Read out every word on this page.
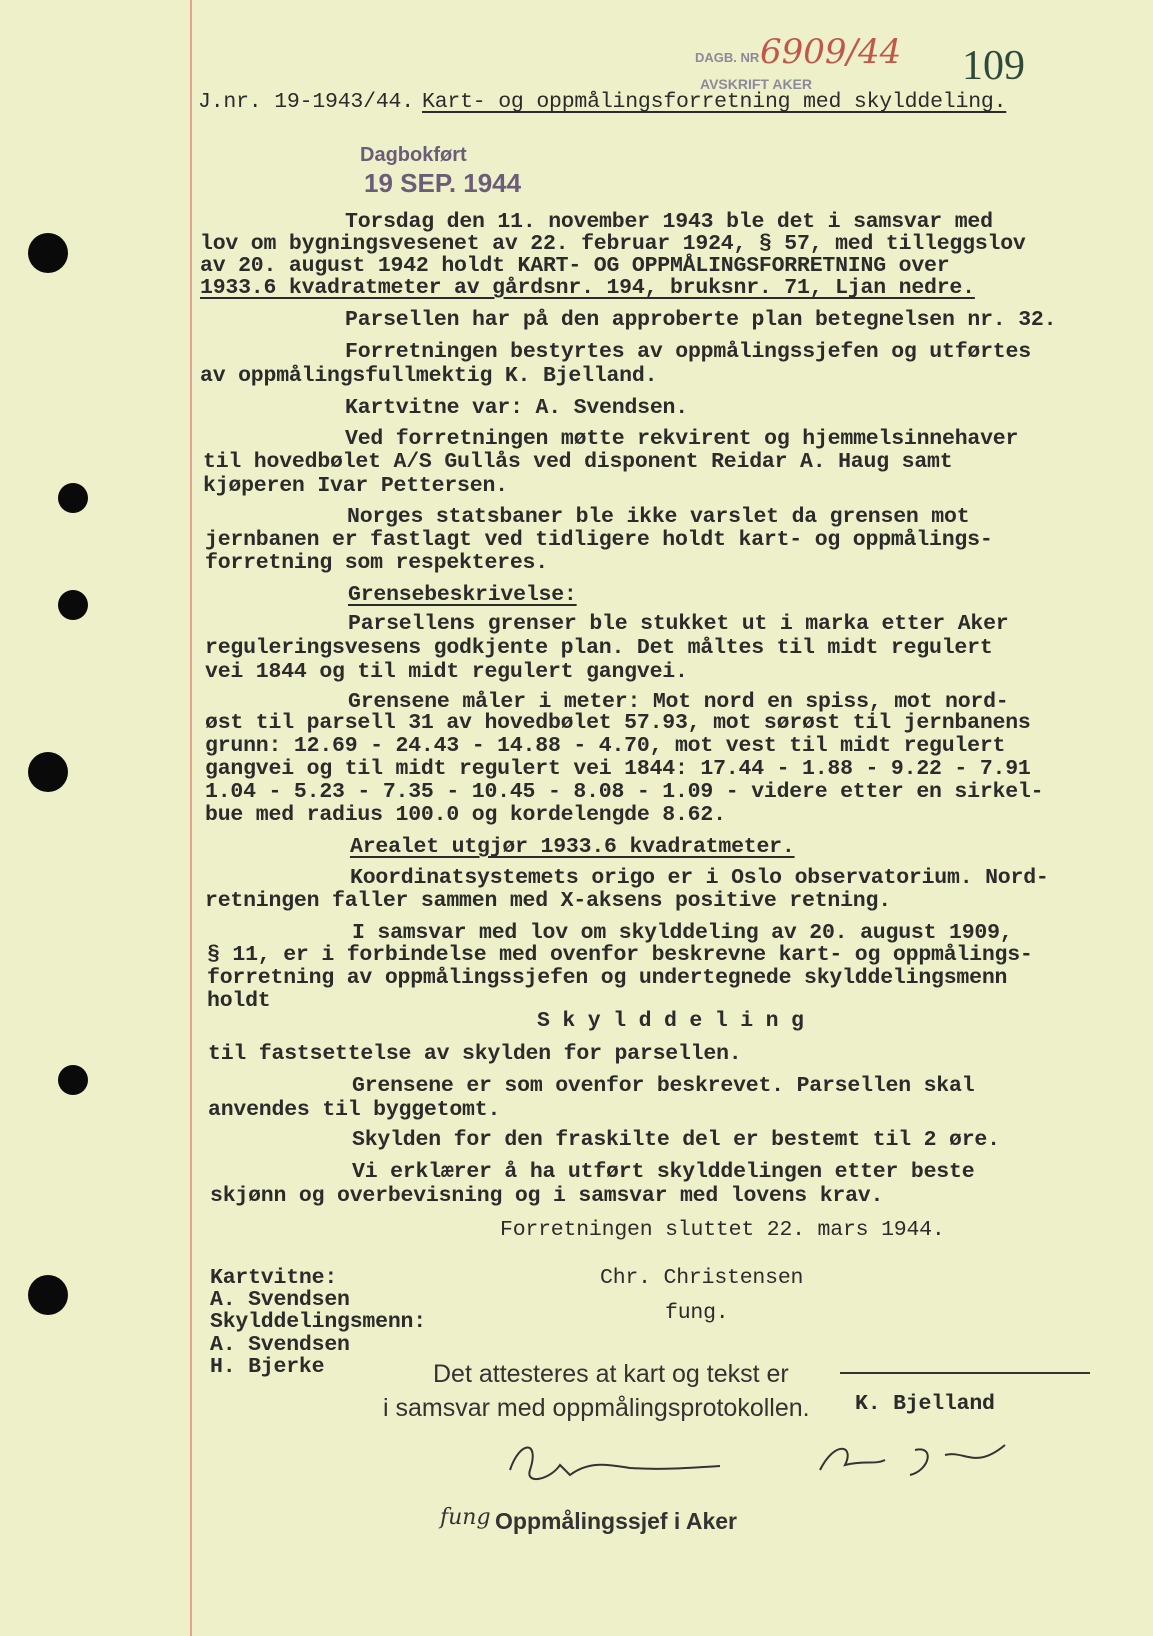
DAGB. NR 6909/44
AVSKRIFT AKER	109
J.nr. 19-1943/44. Kart- og oppmålingsforretning med skylddeling.
Dagbokført
19 SEP. 1944
Torsdag den 11. november 1943 ble det i samsvar med
lov om bygningsvesenet av 22. februar 1924, § 57, med tilleggslov
av 20. august 1942 holdt KART- OG OPPMÅLINGSFORRETNING over
1933.6 kvadratmeter av gårdsnr. 194, bruksnr. 71, Ljan nedre.
Parsellen har på den approberte plan betegnelsen nr. 32.
Forretningen bestyrtes av oppmålingssjefen og utførtes
av oppmålingsfullmektig K. Bjelland.
Kartvitne var: A. Svendsen.
Ved forretningen møtte rekvirent og hjemmelsinnehaver
til hovedbølet A/S Gullås ved disponent Reidar A. Haug samt
kjøperen Ivar Pettersen.
Norges statsbaner ble ikke varslet da grensen mot
jernbanen er fastlagt ved tidligere holdt kart- og oppmålings-
forretning som respekteres.
Grensebeskrivelse:
Parsellens grenser ble stukket ut i marka etter Aker
reguleringsvesens godkjente plan. Det måltes til midt regulert
vei 1844 og til midt regulert gangvei.
Grensene måler i meter: Mot nord en spiss, mot nord-
øst til parsell 31 av hovedbølet 57.93, mot sørøst til jernbanens
grunn: 12.69 - 24.43 - 14.88 - 4.70, mot vest til midt regulert
gangvei og til midt regulert vei 1844: 17.44 - 1.88 - 9.22 - 7.91
1.04 - 5.23 - 7.35 - 10.45 - 8.08 - 1.09 - videre etter en sirkel-
bue med radius 100.0 og kordelengde 8.62.
Arealet utgjør 1933.6 kvadratmeter.
Koordinatsystemets origo er i Oslo observatorium. Nord-
retningen faller sammen med X-aksens positive retning.
I samsvar med lov om skylddeling av 20. august 1909,
§ 11, er i forbindelse med ovenfor beskrevne kart- og oppmålings-
forretning av oppmålingssjefen og undertegnede skylddelingsmenn
holdt
S k y l d d e l i n g
til fastsettelse av skylden for parsellen.
Grensene er som ovenfor beskrevet. Parsellen skal
anvendes til byggetomt.
Skylden for den fraskilte del er bestemt til 2 øre.
Vi erklærer å ha utført skylddelingen etter beste
skjønn og overbevisning og i samsvar med lovens krav.
Forretningen sluttet 22. mars 1944.
Kartvitne:
A. Svendsen
Skylddelingsmenn:
A. Svendsen
H. Bjerke
Chr. Christensen
fung.
Det attesteres at kart og tekst er
i samsvar med oppmålingsprotokollen. K. Bjelland
fung Oppmålingssjef i Aker
